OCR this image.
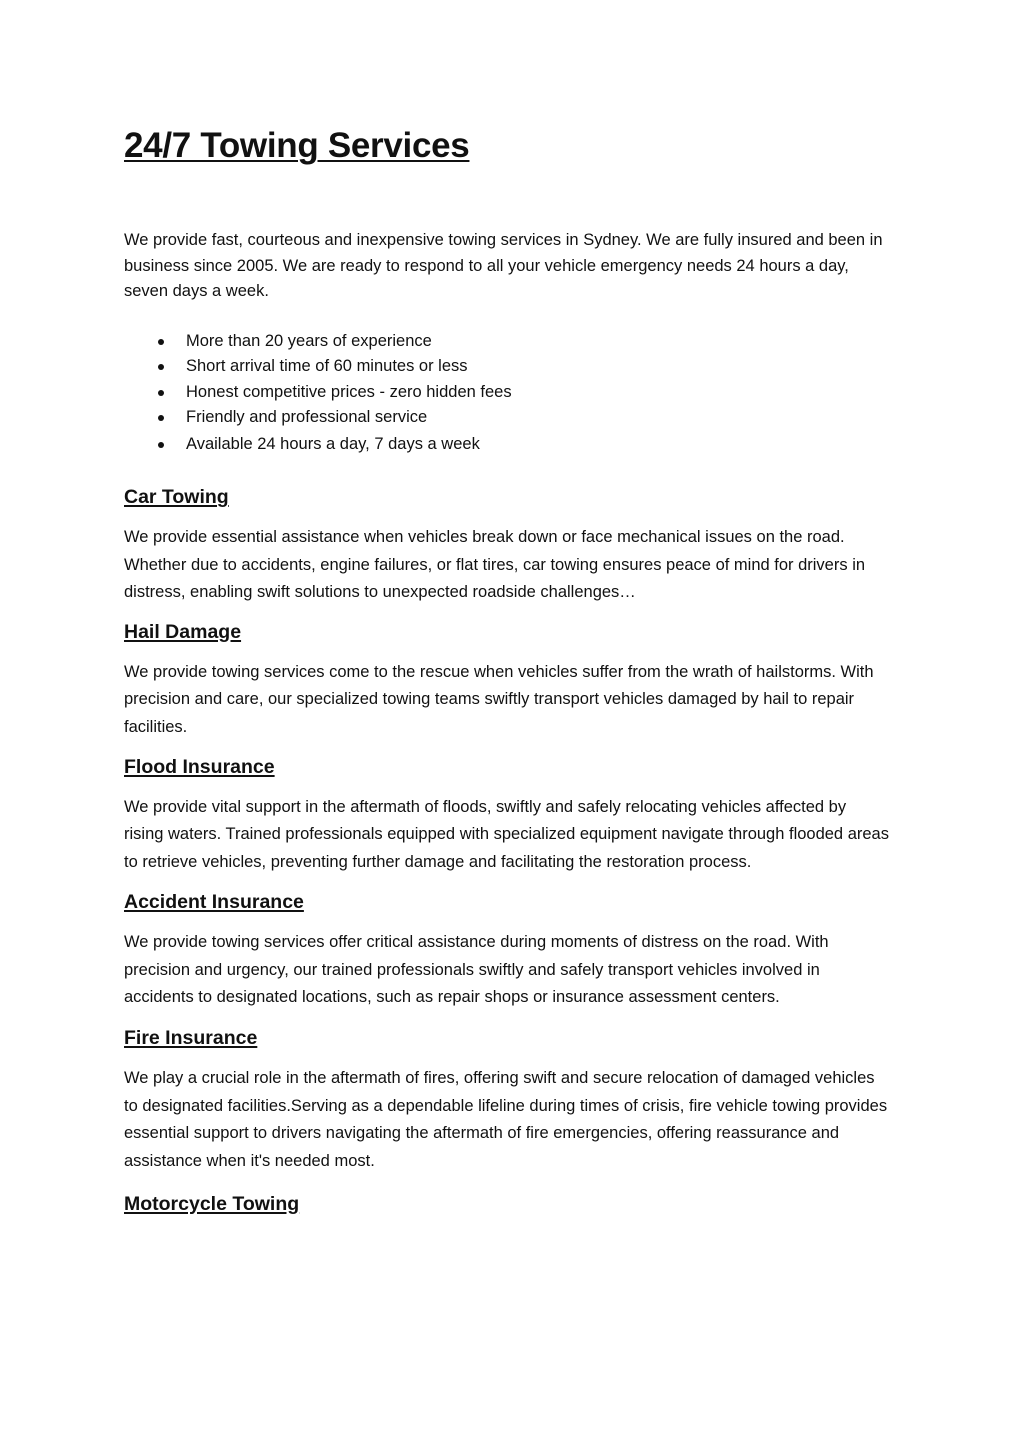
24/7 Towing Services

We provide fast, courteous and inexpensive towing services in Sydney. We are fully insured and been in business since 2005. We are ready to respond to all your vehicle emergency needs 24 hours a day, seven days a week.

More than 20 years of experience
Short arrival time of 60 minutes or less
Honest competitive prices - zero hidden fees
Friendly and professional service
Available 24 hours a day, 7 days a week
Car Towing

We provide essential assistance when vehicles break down or face mechanical issues on the road. Whether due to accidents, engine failures, or flat tires, car towing ensures peace of mind for drivers in distress, enabling swift solutions to unexpected roadside challenges…

Hail Damage

We provide towing services come to the rescue when vehicles suffer from the wrath of hailstorms. With precision and care, our specialized towing teams swiftly transport vehicles damaged by hail to repair facilities.

Flood Insurance

We provide vital support in the aftermath of floods, swiftly and safely relocating vehicles affected by rising waters. Trained professionals equipped with specialized equipment navigate through flooded areas to retrieve vehicles, preventing further damage and facilitating the restoration process.

Accident Insurance

We provide towing services offer critical assistance during moments of distress on the road. With precision and urgency, our trained professionals swiftly and safely transport vehicles involved in accidents to designated locations, such as repair shops or insurance assessment centers.

Fire Insurance

We play a crucial role in the aftermath of fires, offering swift and secure relocation of damaged vehicles to designated facilities.Serving as a dependable lifeline during times of crisis, fire vehicle towing provides essential support to drivers navigating the aftermath of fire emergencies, offering reassurance and assistance when it's needed most.

Motorcycle Towing
